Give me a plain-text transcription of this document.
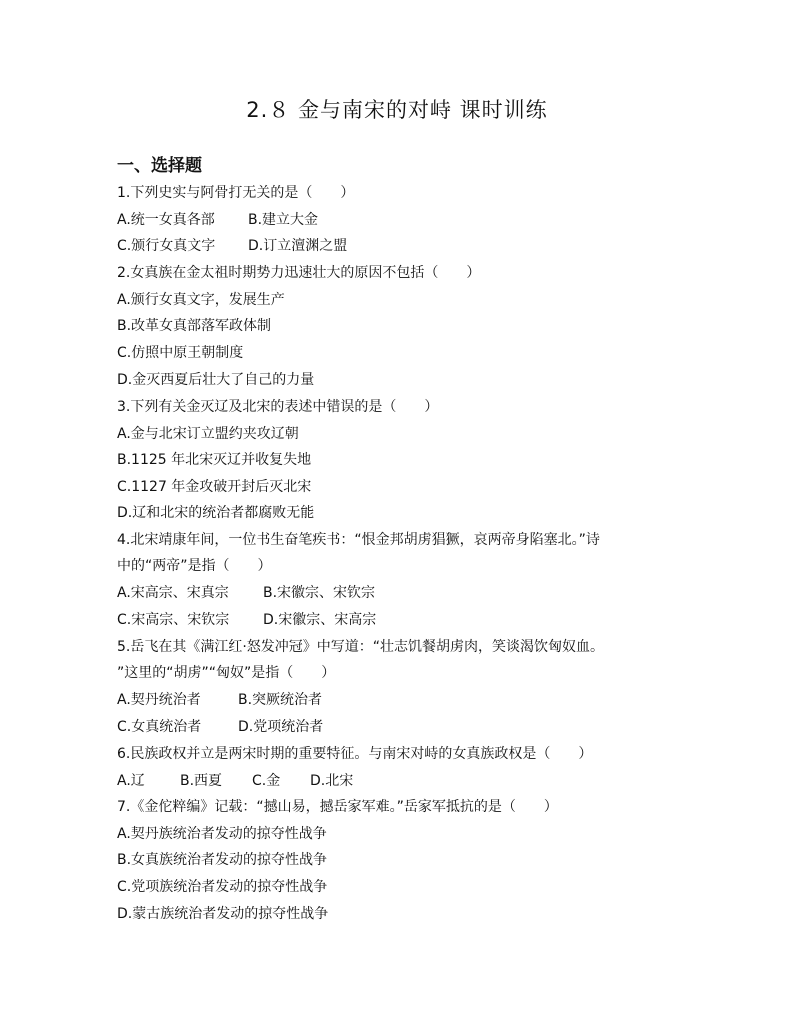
2.８ 金与南宋的对峙 课时训练
一、选择题
1.下列史实与阿骨打无关的是（　　）
A.统一女真各部 B.建立大金
C.颁行女真文字 D.订立澶渊之盟
2.女真族在金太祖时期势力迅速壮大的原因不包括（　　）
A.颁行女真文字，发展生产
B.改革女真部落军政体制
C.仿照中原王朝制度
D.金灭西夏后壮大了自己的力量
3.下列有关金灭辽及北宋的表述中错误的是（　　）
A.金与北宋订立盟约夹攻辽朝
B.1125 年北宋灭辽并收复失地
C.1127 年金攻破开封后灭北宋
D.辽和北宋的统治者都腐败无能
4.北宋靖康年间，一位书生奋笔疾书：“恨金邦胡虏猖獗，哀两帝身陷塞北。”诗
中的“两帝”是指（　　）
A.宋高宗、宋真宗 B.宋徽宗、宋钦宗
C.宋高宗、宋钦宗 D.宋徽宗、宋高宗
5.岳飞在其《满江红·怒发冲冠》中写道：“壮志饥餐胡虏肉，笑谈渴饮匈奴血。
”这里的“胡虏”“匈奴”是指（　　）
A.契丹统治者	B.突厥统治者
C.女真统治者	D.党项统治者
6.民族政权并立是两宋时期的重要特征。与南宋对峙的女真族政权是（　　）
A.辽	B.西夏 C.金 D.北宋
7.《金佗粹编》记载：“撼山易，撼岳家军难。”岳家军抵抗的是（　　）
A.契丹族统治者发动的掠夺性战争
B.女真族统治者发动的掠夺性战争
C.党项族统治者发动的掠夺性战争
D.蒙古族统治者发动的掠夺性战争
